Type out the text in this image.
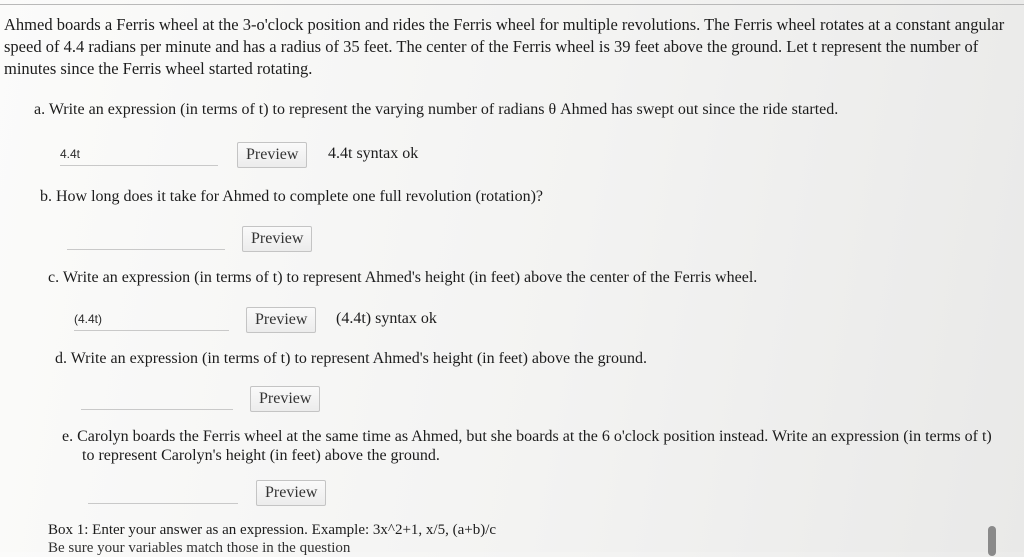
Ahmed boards a Ferris wheel at the 3-o'clock position and rides the Ferris wheel for multiple revolutions. The Ferris wheel rotates at a constant angular speed of 4.4 radians per minute and has a radius of 35 feet. The center of the Ferris wheel is 39 feet above the ground. Let t represent the number of minutes since the Ferris wheel started rotating.

a. Write an expression (in terms of t) to represent the varying number of radians θ Ahmed has swept out since the ride started.
4.4t
Preview	4.4t syntax ok
b. How long does it take for Ahmed to complete one full revolution (rotation)?
Preview
c. Write an expression (in terms of t) to represent Ahmed's height (in feet) above the center of the Ferris wheel.
(4.4t)
Preview	(4.4t) syntax ok
d. Write an expression (in terms of t) to represent Ahmed's height (in feet) above the ground.
Preview
e. Carolyn boards the Ferris wheel at the same time as Ahmed, but she boards at the 6 o'clock position instead. Write an expression (in terms of t) to represent Carolyn's height (in feet) above the ground.
Preview
Box 1: Enter your answer as an expression. Example: 3x^2+1, x/5, (a+b)/c
Be sure your variables match those in the question
